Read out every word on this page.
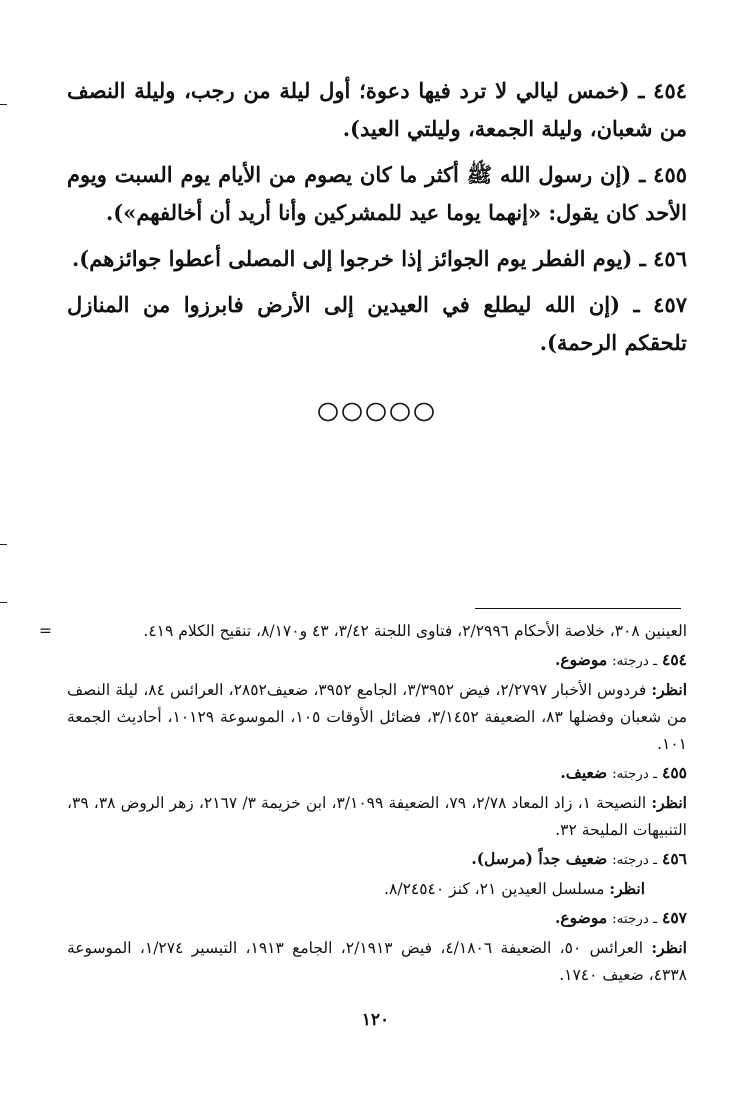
٤٥٤ ـ (خمس ليالي لا ترد فيها دعوة؛ أول ليلة من رجب، وليلة النصف من شعبان، وليلة الجمعة، وليلتي العيد).

٤٥٥ ـ (إن رسول الله ﷺ أكثر ما كان يصوم من الأيام يوم السبت ويوم الأحد كان يقول: «إنهما يوما عيد للمشركين وأنا أريد أن أخالفهم»).

٤٥٦ ـ (يوم الفطر يوم الجوائز إذا خرجوا إلى المصلى أعطوا جوائزهم).

٤٥٧ ـ (إن الله ليطلع في العيدين إلى الأرض فابرزوا من المنازل تلحقكم الرحمة).

=	العينين ٣٠٨، خلاصة الأحكام ٢/٢٩٩٦، فتاوى اللجنة ٣/٤٢، ٤٣ و٨/١٧٠، تنقيح الكلام ٤١٩.

٤٥٤ ـ درجته: موضوع.

انظر: فردوس الأخبار ٢/٢٧٩٧، فيض ٣/٣٩٥٢، الجامع ٣٩٥٢، ضعيف٢٨٥٢، العرائس ٨٤، ليلة النصف من شعبان وفضلها ٨٣، الضعيفة ٣/١٤٥٢، فضائل الأوقات ١٠٥، الموسوعة ١٠١٢٩، أحاديث الجمعة ١٠١.

٤٥٥ ـ درجته: ضعيف.

انظر: النصيحة ١، زاد المعاد ٢/٧٨، ٧٩، الضعيفة ٣/١٠٩٩، ابن خزيمة ٣/ ٢١٦٧، زهر الروض ٣٨، ٣٩، التنبيهات المليحة ٣٢.

٤٥٦ ـ درجته: ضعيف جداً (مرسل).

انظر: مسلسل العيدين ٢١، كنز ٨/٢٤٥٤٠.

٤٥٧ ـ درجته: موضوع.

انظر: العرائس ٥٠، الضعيفة ٤/١٨٠٦، فيض ٢/١٩١٣، الجامع ١٩١٣، التيسير ١/٢٧٤، الموسوعة ٤٣٣٨، ضعيف ١٧٤٠.

١٢٠
